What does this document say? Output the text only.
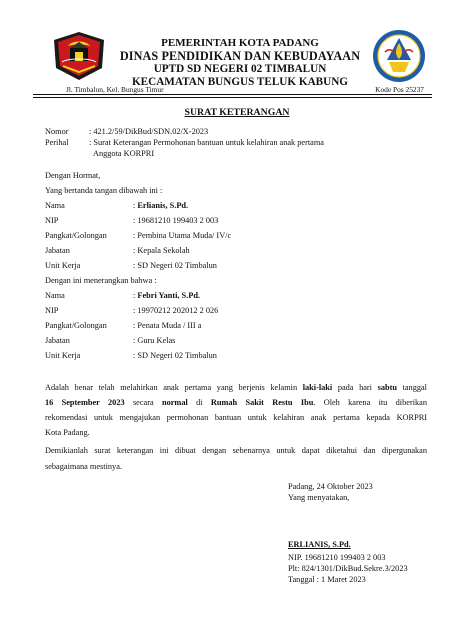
PEMERINTAH KOTA PADANG
DINAS PENDIDIKAN DAN KEBUDAYAAN
UPTD SD NEGERI 02 TIMBALUN
KECAMATAN BUNGUS TELUK KABUNG
Jl. Timbalun, Kel. Bungus Timur	Kode Pos 25237
SURAT KETERANGAN
Nomor : 421.2/59/DikBud/SDN.02/X-2023
Perihal : Surat Keterangan Permohonan bantuan untuk kelahiran anak pertama
Anggota KORPRI
Dengan Hormat,
Yang bertanda tangan dibawah ini :
Nama	: Erlianis, S.Pd.
NIP	: 19681210 199403 2 003
Pangkat/Golongan	: Pembina Utama Muda/ IV/c
Jabatan	: Kepala Sekolah
Unit Kerja	: SD Negeri 02 Timbalun
Dengan ini menerangkan bahwa :
Nama	: Febri Yanti, S.Pd.
NIP	: 19970212 202012 2 026
Pangkat/Golongan	: Penata Muda / III a
Jabatan	: Guru Kelas
Unit Kerja	: SD Negeri 02 Timbalun
Adalah benar telah melahirkan anak pertama yang berjenis kelamin laki-laki pada hari sabtu tanggal
16 September 2023 secara normal di Rumah Sakit Restu Ibu. Oleh karena itu diberikan
rekomendasi untuk mengajukan permohonan bantuan untuk kelahiran anak pertama kepada KORPRI
Kota Padang.
Demikianlah surat keterangan ini dibuat dengan sebenarnya untuk dapat diketahui dan dipergunakan
sebagaimana mestinya.
Padang, 24 Oktober 2023
Yang menyatakan,
ERLIANIS, S.Pd.
NIP. 19681210 199403 2 003
Plt: 824/1301/DikBud.Sekre.3/2023
Tanggal : 1 Maret 2023
